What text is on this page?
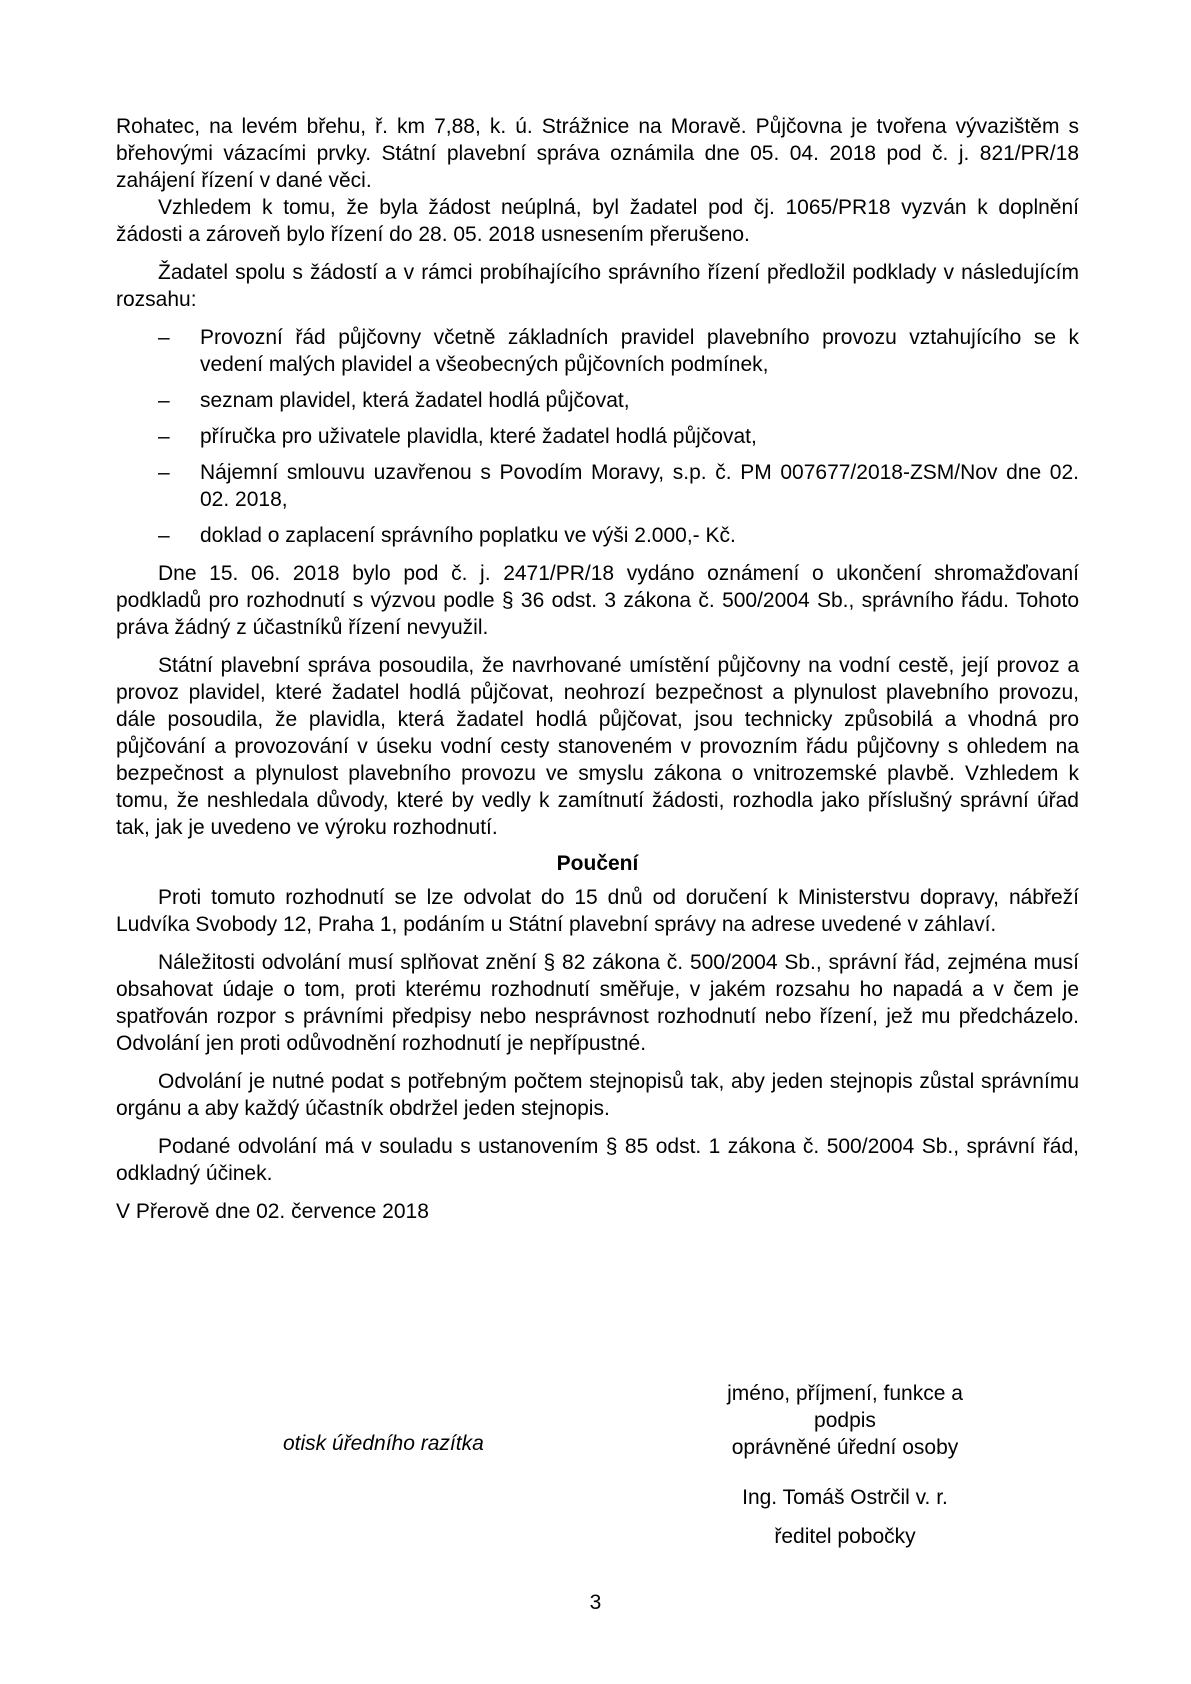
Rohatec, na levém břehu, ř. km 7,88, k. ú. Strážnice na Moravě. Půjčovna je tvořena vývazištěm s břehovými vázacími prvky. Státní plavební správa oznámila dne 05. 04. 2018 pod č. j. 821/PR/18 zahájení řízení v dané věci.

Vzhledem k tomu, že byla žádost neúplná, byl žadatel pod čj. 1065/PR18 vyzván k doplnění žádosti a zároveň bylo řízení do 28. 05. 2018 usnesením přerušeno.

Žadatel spolu s žádostí a v rámci probíhajícího správního řízení předložil podklady v následujícím rozsahu:

– Provozní řád půjčovny včetně základních pravidel plavebního provozu vztahujícího se k vedení malých plavidel a všeobecných půjčovních podmínek,
– seznam plavidel, která žadatel hodlá půjčovat,
– příručka pro uživatele plavidla, které žadatel hodlá půjčovat,
– Nájemní smlouvu uzavřenou s Povodím Moravy, s.p. č. PM 007677/2018-ZSM/Nov dne 02. 02. 2018,
– doklad o zaplacení správního poplatku ve výši 2.000,- Kč.

Dne 15. 06. 2018 bylo pod č. j. 2471/PR/18 vydáno oznámení o ukončení shromažďovaní podkladů pro rozhodnutí s výzvou podle § 36 odst. 3 zákona č. 500/2004 Sb., správního řádu. Tohoto práva žádný z účastníků řízení nevyužil.

Státní plavební správa posoudila, že navrhované umístění půjčovny na vodní cestě, její provoz a provoz plavidel, které žadatel hodlá půjčovat, neohrozí bezpečnost a plynulost plavebního provozu, dále posoudila, že plavidla, která žadatel hodlá půjčovat, jsou technicky způsobilá a vhodná pro půjčování a provozování v úseku vodní cesty stanoveném v provozním řádu půjčovny s ohledem na bezpečnost a plynulost plavebního provozu ve smyslu zákona o vnitrozemské plavbě. Vzhledem k tomu, že neshledala důvody, které by vedly k zamítnutí žádosti, rozhodla jako příslušný správní úřad tak, jak je uvedeno ve výroku rozhodnutí.

Poučení

Proti tomuto rozhodnutí se lze odvolat do 15 dnů od doručení k Ministerstvu dopravy, nábřeží Ludvíka Svobody 12, Praha 1, podáním u Státní plavební správy na adrese uvedené v záhlaví.

Náležitosti odvolání musí splňovat znění § 82 zákona č. 500/2004 Sb., správní řád, zejména musí obsahovat údaje o tom, proti kterému rozhodnutí směřuje, v jakém rozsahu ho napadá a v čem je spatřován rozpor s právními předpisy nebo nesprávnost rozhodnutí nebo řízení, jež mu předcházelo. Odvolání jen proti odůvodnění rozhodnutí je nepřípustné.

Odvolání je nutné podat s potřebným počtem stejnopisů tak, aby jeden stejnopis zůstal správnímu orgánu a aby každý účastník obdržel jeden stejnopis.

Podané odvolání má v souladu s ustanovením § 85 odst. 1 zákona č. 500/2004 Sb., správní řád, odkladný účinek.

V Přerově dne 02. července 2018

otisk úředního razítka
jméno, příjmení, funkce a podpis
oprávněné úřední osoby
Ing. Tomáš Ostrčil v. r.
ředitel pobočky
3
